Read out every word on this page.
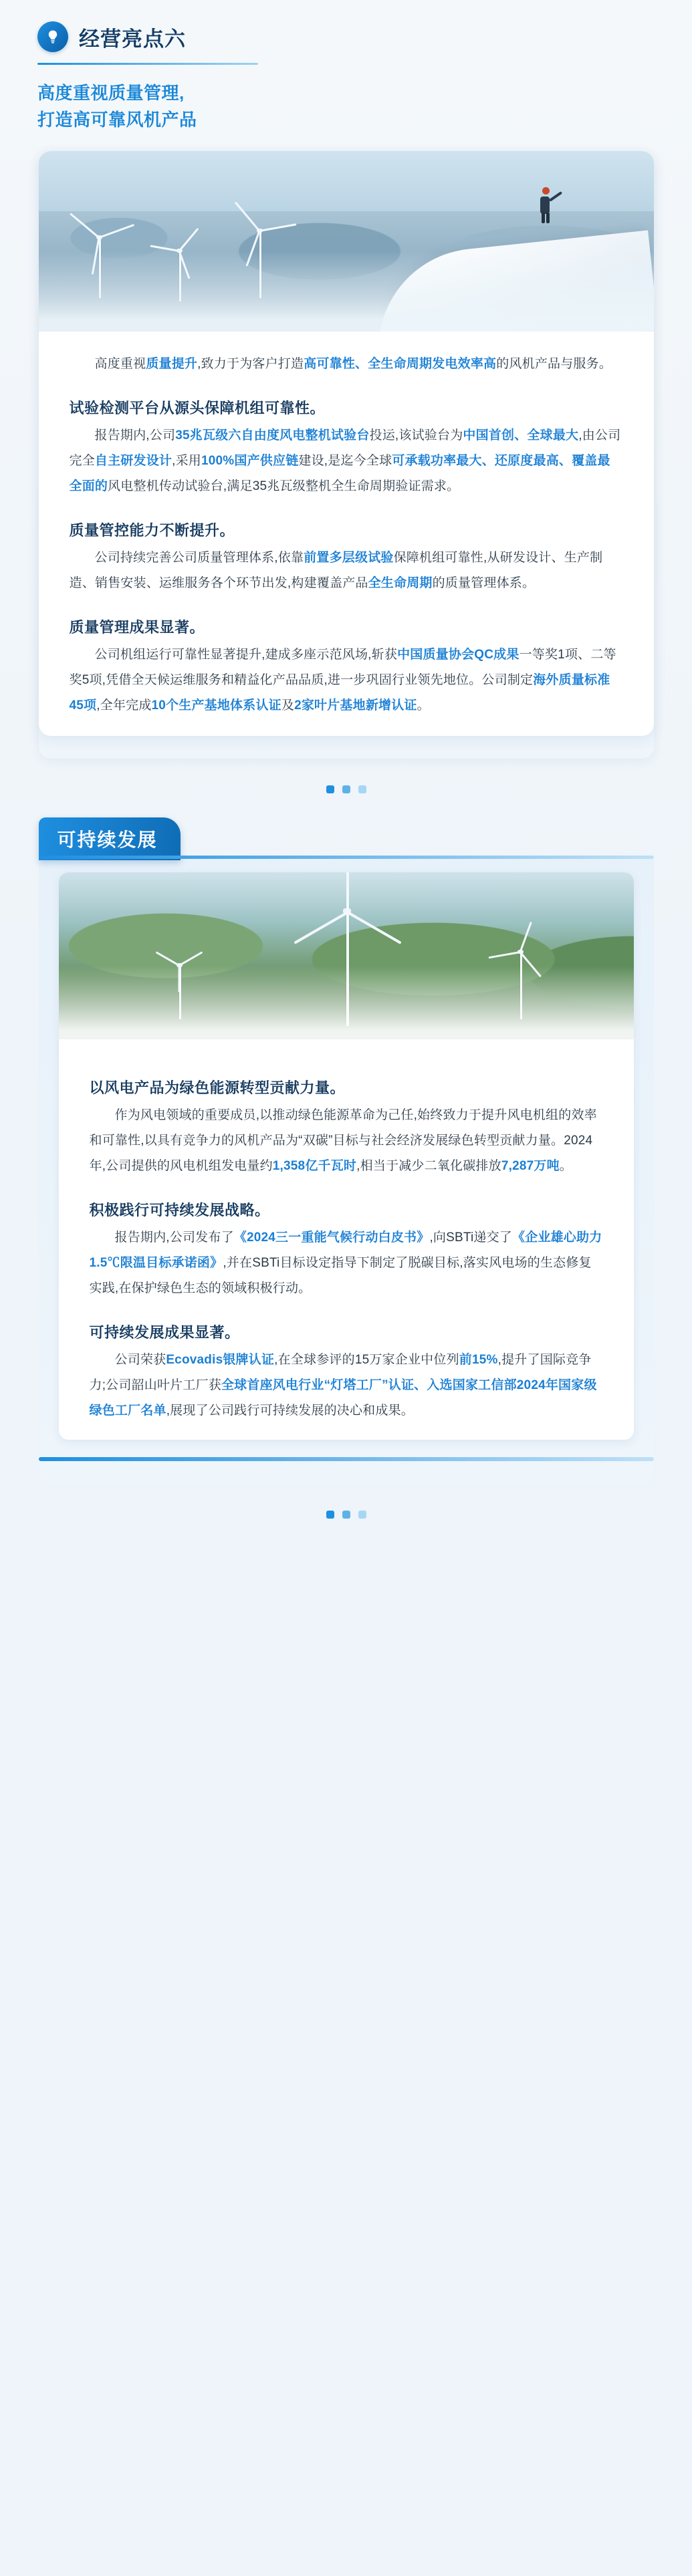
经营亮点六
高度重视质量管理,
打造高可靠风机产品

高度重视质量提升,致力于为客户打造高可靠性、全生命周期发电效率高的风机产品与服务。

试验检测平台从源头保障机组可靠性。

报告期内,公司35兆瓦级六自由度风电整机试验台投运,该试验台为中国首创、全球最大,由公司完全自主研发设计,采用100%国产供应链建设,是迄今全球可承载功率最大、还原度最高、覆盖最全面的风电整机传动试验台,满足35兆瓦级整机全生命周期验证需求。

质量管控能力不断提升。

公司持续完善公司质量管理体系,依靠前置多层级试验保障机组可靠性,从研发设计、生产制造、销售安装、运维服务各个环节出发,构建覆盖产品全生命周期的质量管理体系。

质量管理成果显著。

公司机组运行可靠性显著提升,建成多座示范风场,斩获中国质量协会QC成果一等奖1项、二等奖5项,凭借全天候运维服务和精益化产品品质,进一步巩固行业领先地位。公司制定海外质量标准45项,全年完成10个生产基地体系认证及2家叶片基地新增认证。

可持续发展
以风电产品为绿色能源转型贡献力量。

作为风电领域的重要成员,以推动绿色能源革命为己任,始终致力于提升风电机组的效率和可靠性,以具有竞争力的风机产品为“双碳”目标与社会经济发展绿色转型贡献力量。2024年,公司提供的风电机组发电量约1,358亿千瓦时,相当于减少二氧化碳排放7,287万吨。

积极践行可持续发展战略。

报告期内,公司发布了《2024三一重能气候行动白皮书》,向SBTi递交了《企业雄心助力1.5℃限温目标承诺函》,并在SBTi目标设定指导下制定了脱碳目标,落实风电场的生态修复 实践,在保护绿色生态的领域积极行动。

可持续发展成果显著。

公司荣获Ecovadis银牌认证,在全球参评的15万家企业中位列前15%,提升了国际竞争力;公司韶山叶片工厂获全球首座风电行业“灯塔工厂”认证、入选国家工信部2024年国家级绿色工厂名单,展现了公司践行可持续发展的决心和成果。
